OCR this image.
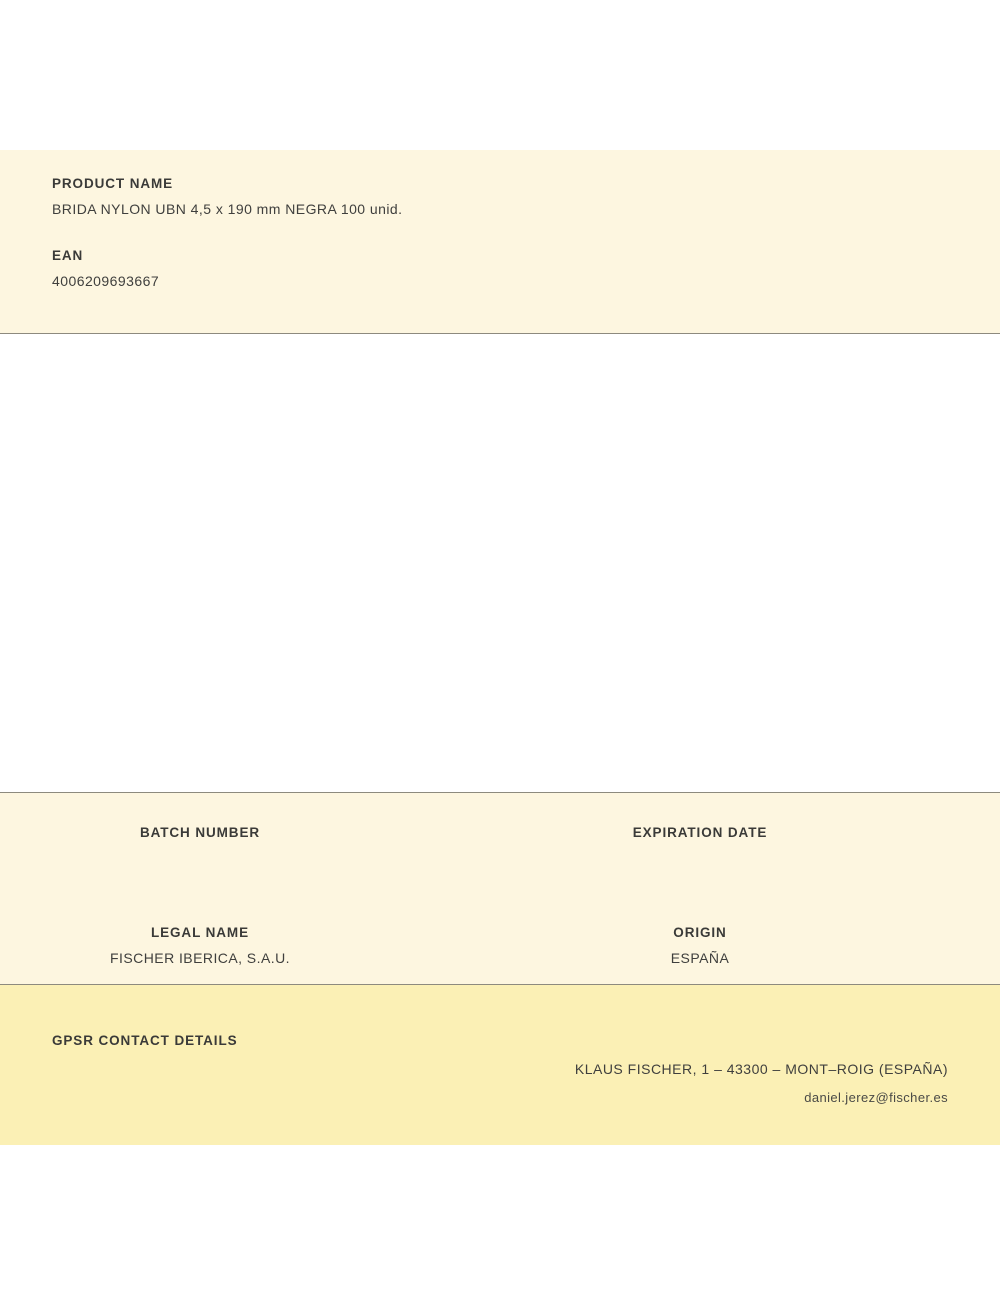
PRODUCT NAME

BRIDA NYLON UBN 4,5 x 190 mm NEGRA 100 unid.

EAN

4006209693667

BATCH NUMBER	EXPIRATION DATE

LEGAL NAME

FISCHER IBERICA, S.A.U.

ORIGIN

ESPAÑA

GPSR CONTACT DETAILS
KLAUS FISCHER, 1 – 43300 – MONT–ROIG (ESPAÑA)
daniel.jerez@fischer.es
